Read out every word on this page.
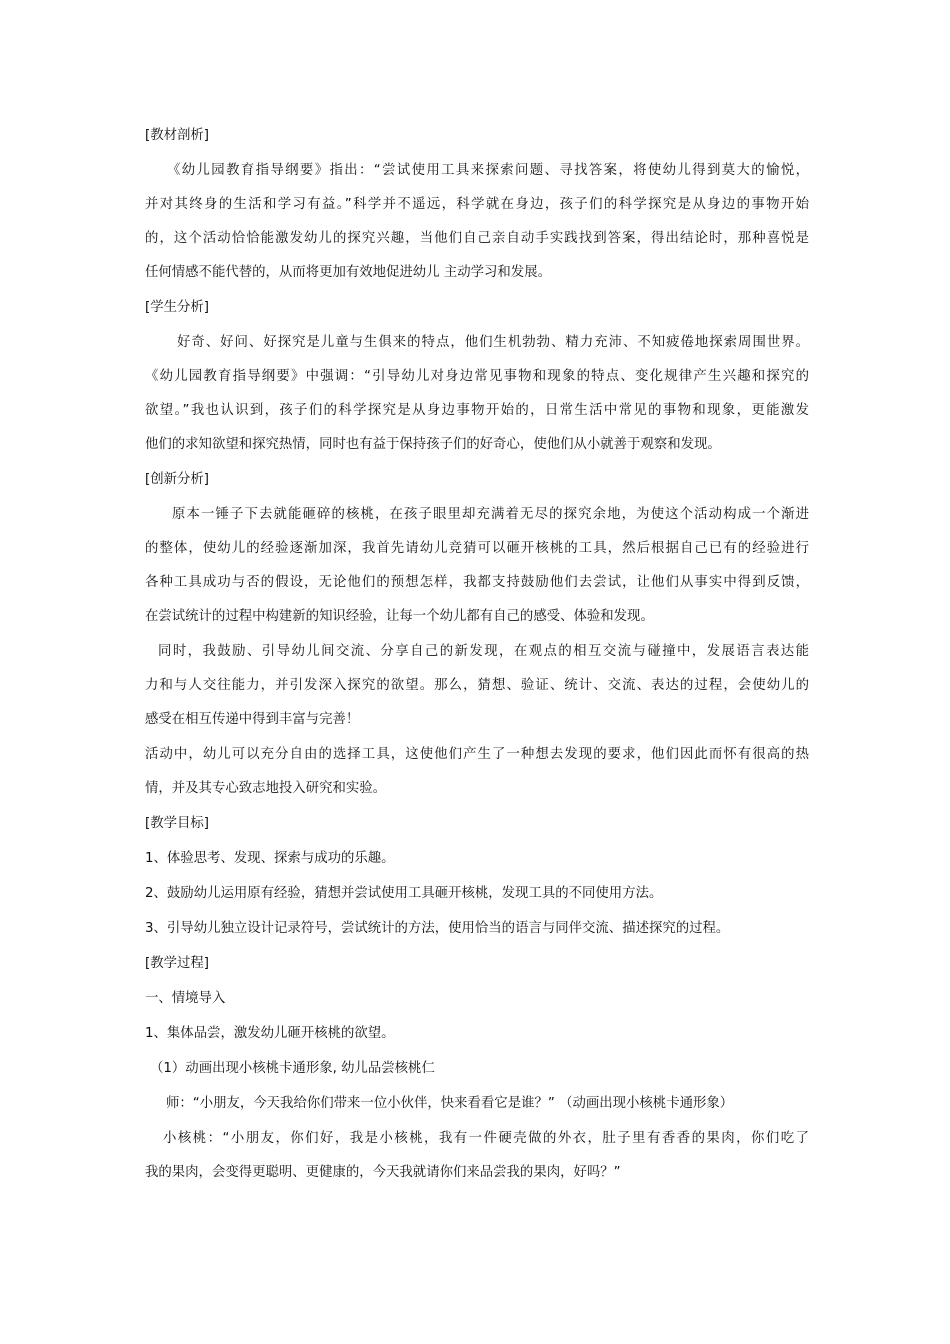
[教材剖析]
《幼儿园教育指导纲要》指出：“尝试使用工具来探索问题、寻找答案，将使幼儿得到莫大的愉悦，
并对其终身的生活和学习有益。”科学并不遥远，科学就在身边，孩子们的科学探究是从身边的事物开始
的，这个活动恰恰能激发幼儿的探究兴趣，当他们自己亲自动手实践找到答案，得出结论时，那种喜悦是
任何情感不能代替的，从而将更加有效地促进幼儿 主动学习和发展。
[学生分析]
好奇、好问、好探究是儿童与生俱来的特点，他们生机勃勃、精力充沛、不知疲倦地探索周围世界。
《幼儿园教育指导纲要》中强调：“引导幼儿对身边常见事物和现象的特点、变化规律产生兴趣和探究的
欲望。”我也认识到，孩子们的科学探究是从身边事物开始的，日常生活中常见的事物和现象，更能激发
他们的求知欲望和探究热情，同时也有益于保持孩子们的好奇心，使他们从小就善于观察和发现。
[创新分析]
原本一锤子下去就能砸碎的核桃，在孩子眼里却充满着无尽的探究余地，为使这个活动构成一个渐进
的整体，使幼儿的经验逐渐加深，我首先请幼儿竞猜可以砸开核桃的工具，然后根据自己已有的经验进行
各种工具成功与否的假设，无论他们的预想怎样，我都支持鼓励他们去尝试，让他们从事实中得到反馈，
在尝试统计的过程中构建新的知识经验，让每一个幼儿都有自己的感受、体验和发现。
同时，我鼓励、引导幼儿间交流、分享自己的新发现，在观点的相互交流与碰撞中，发展语言表达能
力和与人交往能力，并引发深入探究的欲望。那么，猜想、验证、统计、交流、表达的过程，会使幼儿的
感受在相互传递中得到丰富与完善！
活动中，幼儿可以充分自由的选择工具，这使他们产生了一种想去发现的要求，他们因此而怀有很高的热
情，并及其专心致志地投入研究和实验。
[教学目标]
1、体验思考、发现、探索与成功的乐趣。
2、鼓励幼儿运用原有经验，猜想并尝试使用工具砸开核桃，发现工具的不同使用方法。
3、引导幼儿独立设计记录符号，尝试统计的方法，使用恰当的语言与同伴交流、描述探究的过程。
[教学过程]
一、情境导入
1、集体品尝，激发幼儿砸开核桃的欲望。
（1）动画出现小核桃卡通形象, 幼儿品尝核桃仁
师：“小朋友，今天我给你们带来一位小伙伴，快来看看它是谁？” （动画出现小核桃卡通形象）
小核桃：“小朋友，你们好，我是小核桃，我有一件硬壳做的外衣，肚子里有香香的果肉，你们吃了
我的果肉，会变得更聪明、更健康的，今天我就请你们来品尝我的果肉，好吗？”
